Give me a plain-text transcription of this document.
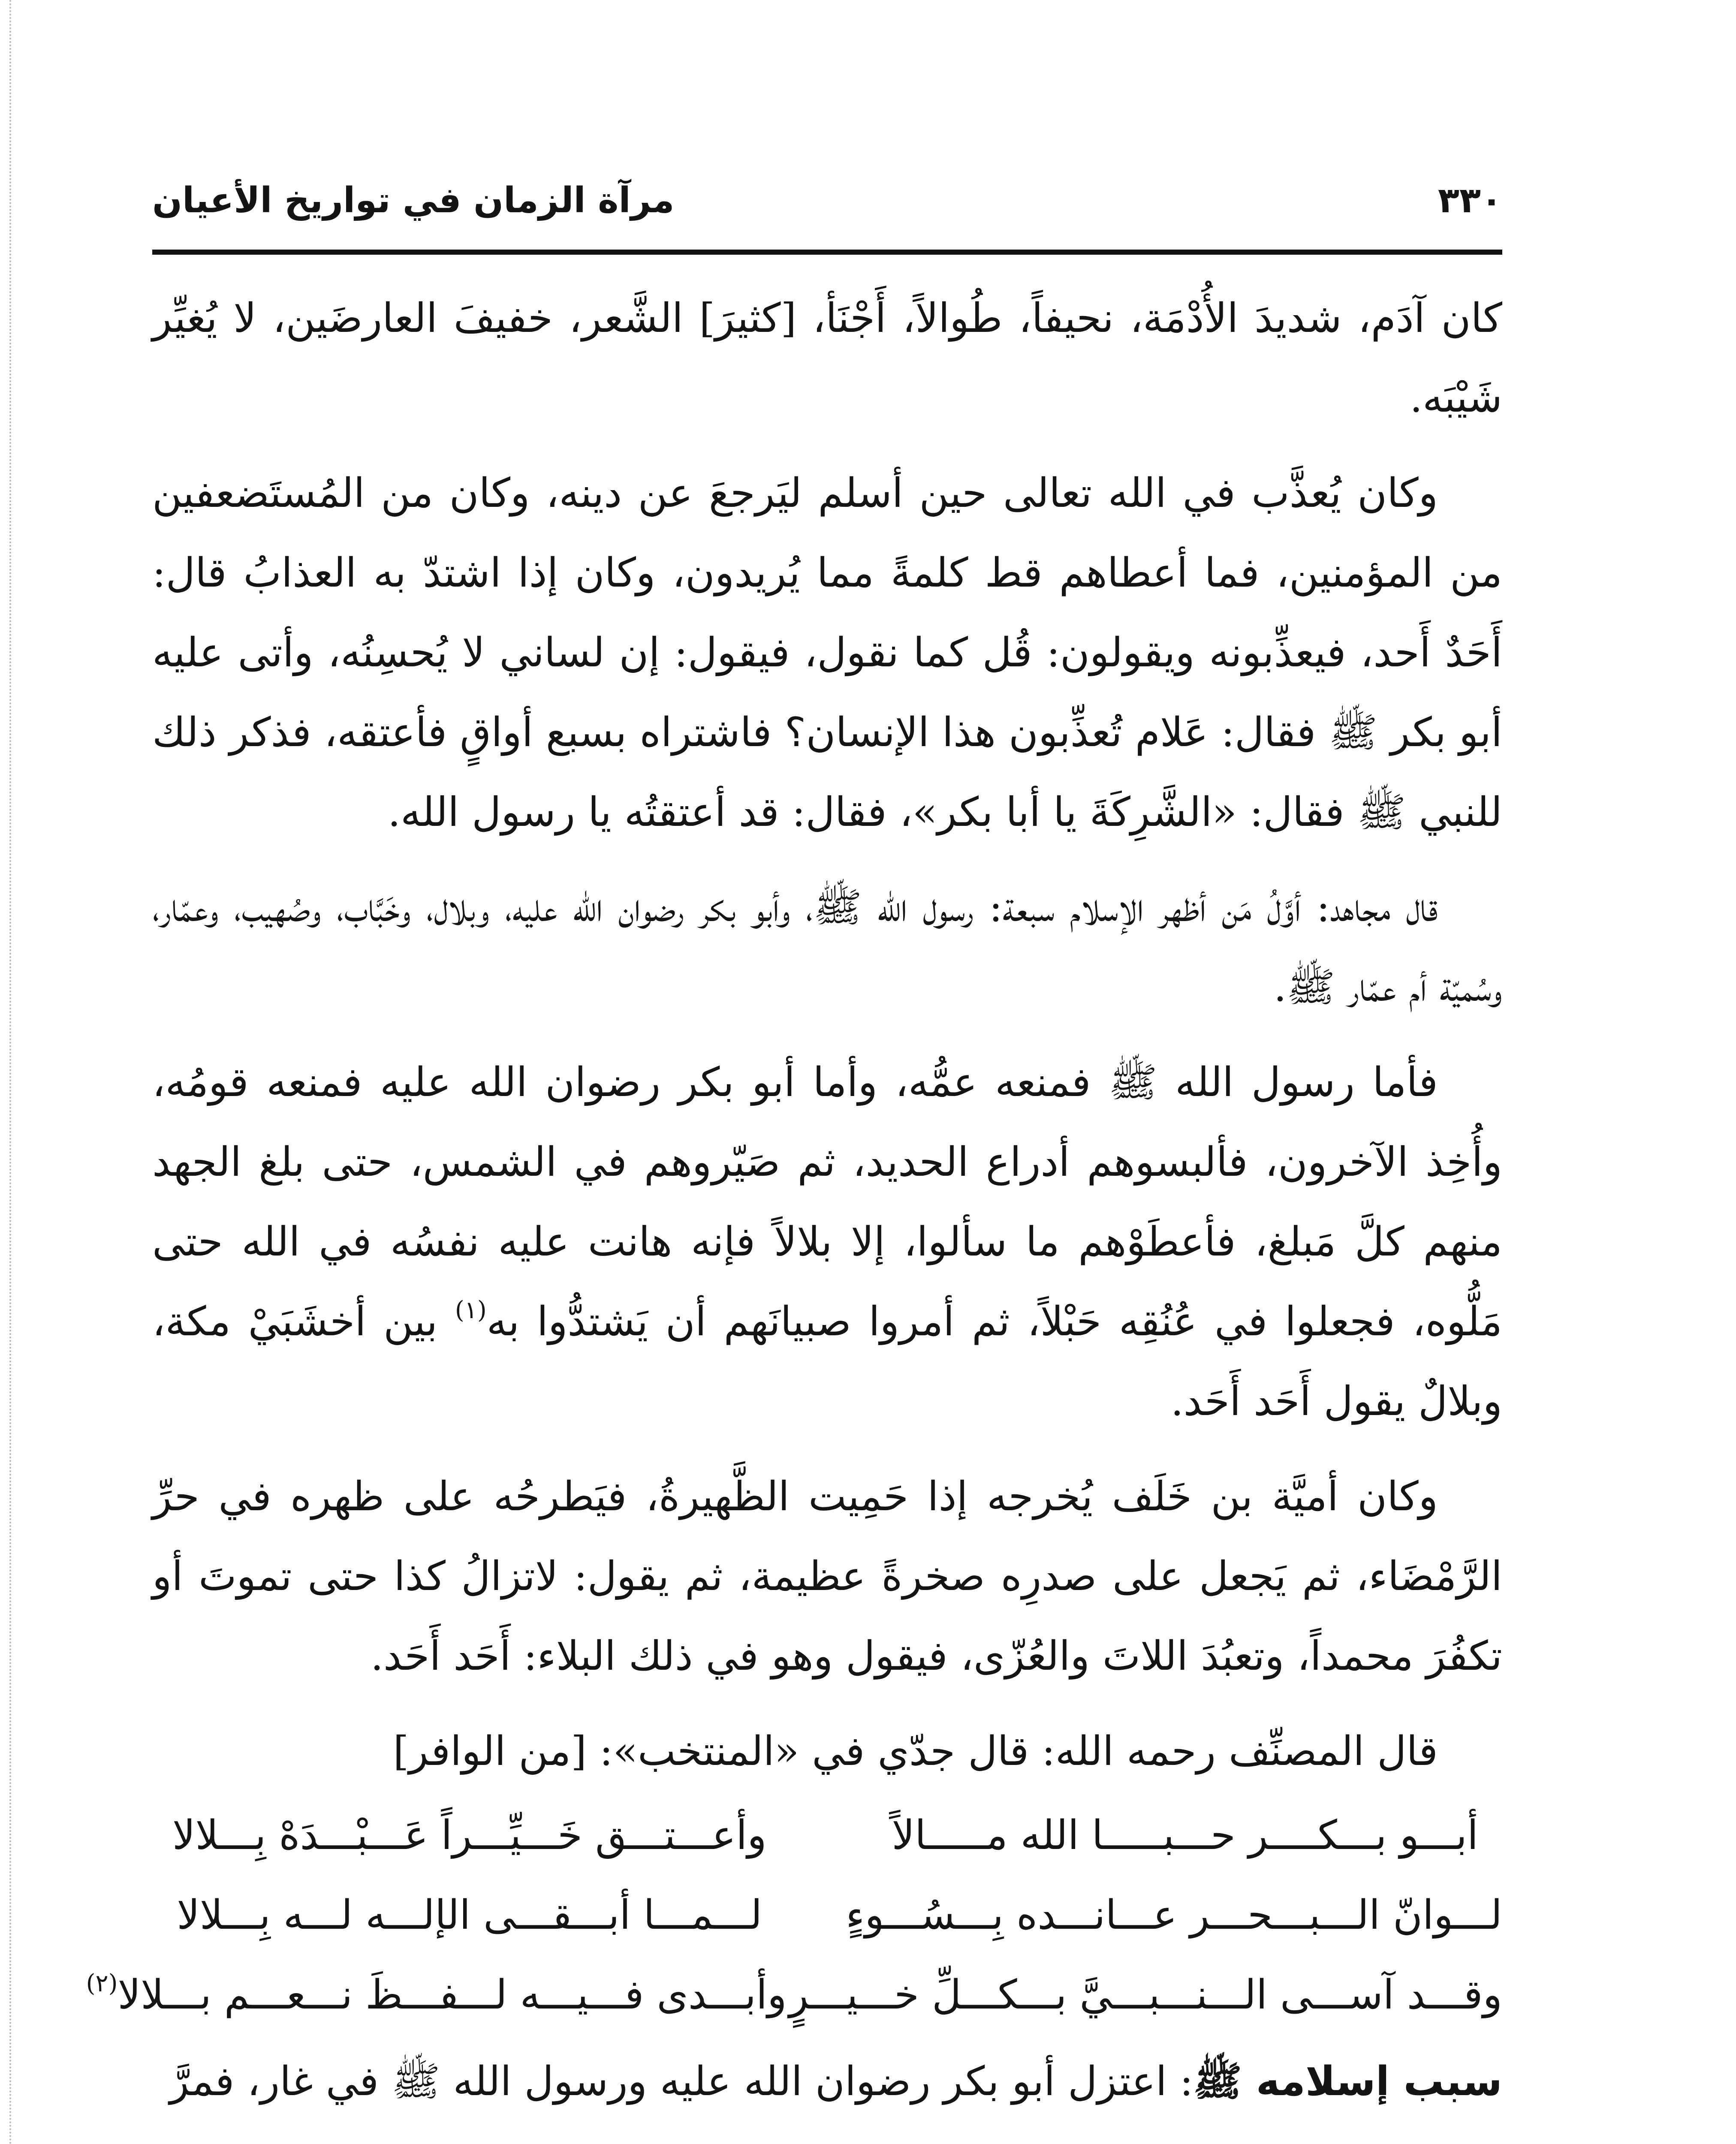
٣٣٠
مرآة الزمان في تواريخ الأعيان

كان آدَم، شديدَ الأُدْمَة، نحيفاً، طُوالاً، أَجْنَأ، [كثيرَ] الشَّعر، خفيفَ العارضَين، لا يُغيِّر شَيْبَه.

وكان يُعذَّب في الله تعالى حين أسلم ليَرجعَ عن دينه، وكان من المُستَضعفين من المؤمنين، فما أعطاهم قط كلمةً مما يُريدون، وكان إذا اشتدّ به العذابُ قال: أَحَدٌ أَحد، فيعذِّبونه ويقولون: قُل كما نقول، فيقول: إن لساني لا يُحسِنُه، وأتى عليه أبو بكر ﷺ فقال: عَلام تُعذِّبون هذا الإنسان؟ فاشتراه بسبع أواقٍ فأعتقه، فذكر ذلك للنبي ﷺ فقال: «الشَّرِكَةَ يا أبا بكر»، فقال: قد أعتقتُه يا رسول الله.

قال مجاهد: أوَّلُ مَن أظهر الإسلام سبعة: رسول الله ﷺ، وأبو بكر رضوان الله عليه، وبلال، وخَبَّاب، وصُهيب، وعمّار، وسُميّة أم عمّار ﷺ.

فأما رسول الله ﷺ فمنعه عمُّه، وأما أبو بكر رضوان الله عليه فمنعه قومُه، وأُخِذ الآخرون، فألبسوهم أدراع الحديد، ثم صَيّروهم في الشمس، حتى بلغ الجهد منهم كلَّ مَبلغ، فأعطَوْهم ما سألوا، إلا بلالاً فإنه هانت عليه نفسُه في الله حتى مَلُّوه، فجعلوا في عُنُقِه حَبْلاً، ثم أمروا صبيانَهم أن يَشتدُّوا به$^{(١)}$ بين أخشَبَيْ مكة، وبلالٌ يقول أَحَد أَحَد.

وكان أميَّة بن خَلَف يُخرجه إذا حَمِيت الظَّهيرةُ، فيَطرحُه على ظهره في حرِّ الرَّمْضَاء، ثم يَجعل على صدرِه صخرةً عظيمة، ثم يقول: لاتزالُ كذا حتى تموتَ أو تكفُرَ محمداً، وتعبُدَ اللاتَ والعُزّى، فيقول وهو في ذلك البلاء: أَحَد أَحَد.

قال المصنِّف رحمه الله: قال جدّي في «المنتخب»: [من الوافر]

أبـــو بـــكــــر حـــبـــــا الله مـــــالاً
وأعـــتـــق خَـــيِّـــراً عَـــبْـــدَهْ بِـــلالا
لـــوانّ الـــبـــحـــر عـــانـــده بِـــسُـــوءٍ
لـــمـــا أبـــقـــى الإلـــه لـــه بِـــلالا
وقـــد آســـى الـــنـــبـــيَّ بـــكـــلِّ خـــيـــرٍ
وأبـــدى فـــيـــه لـــفـــظَ نـــعـــم بـــلالا$^{(٢)}$

سبب إسلامه ﷺ: اعتزل أبو بكر رضوان الله عليه ورسول الله ﷺ في غار، فمرَّ
